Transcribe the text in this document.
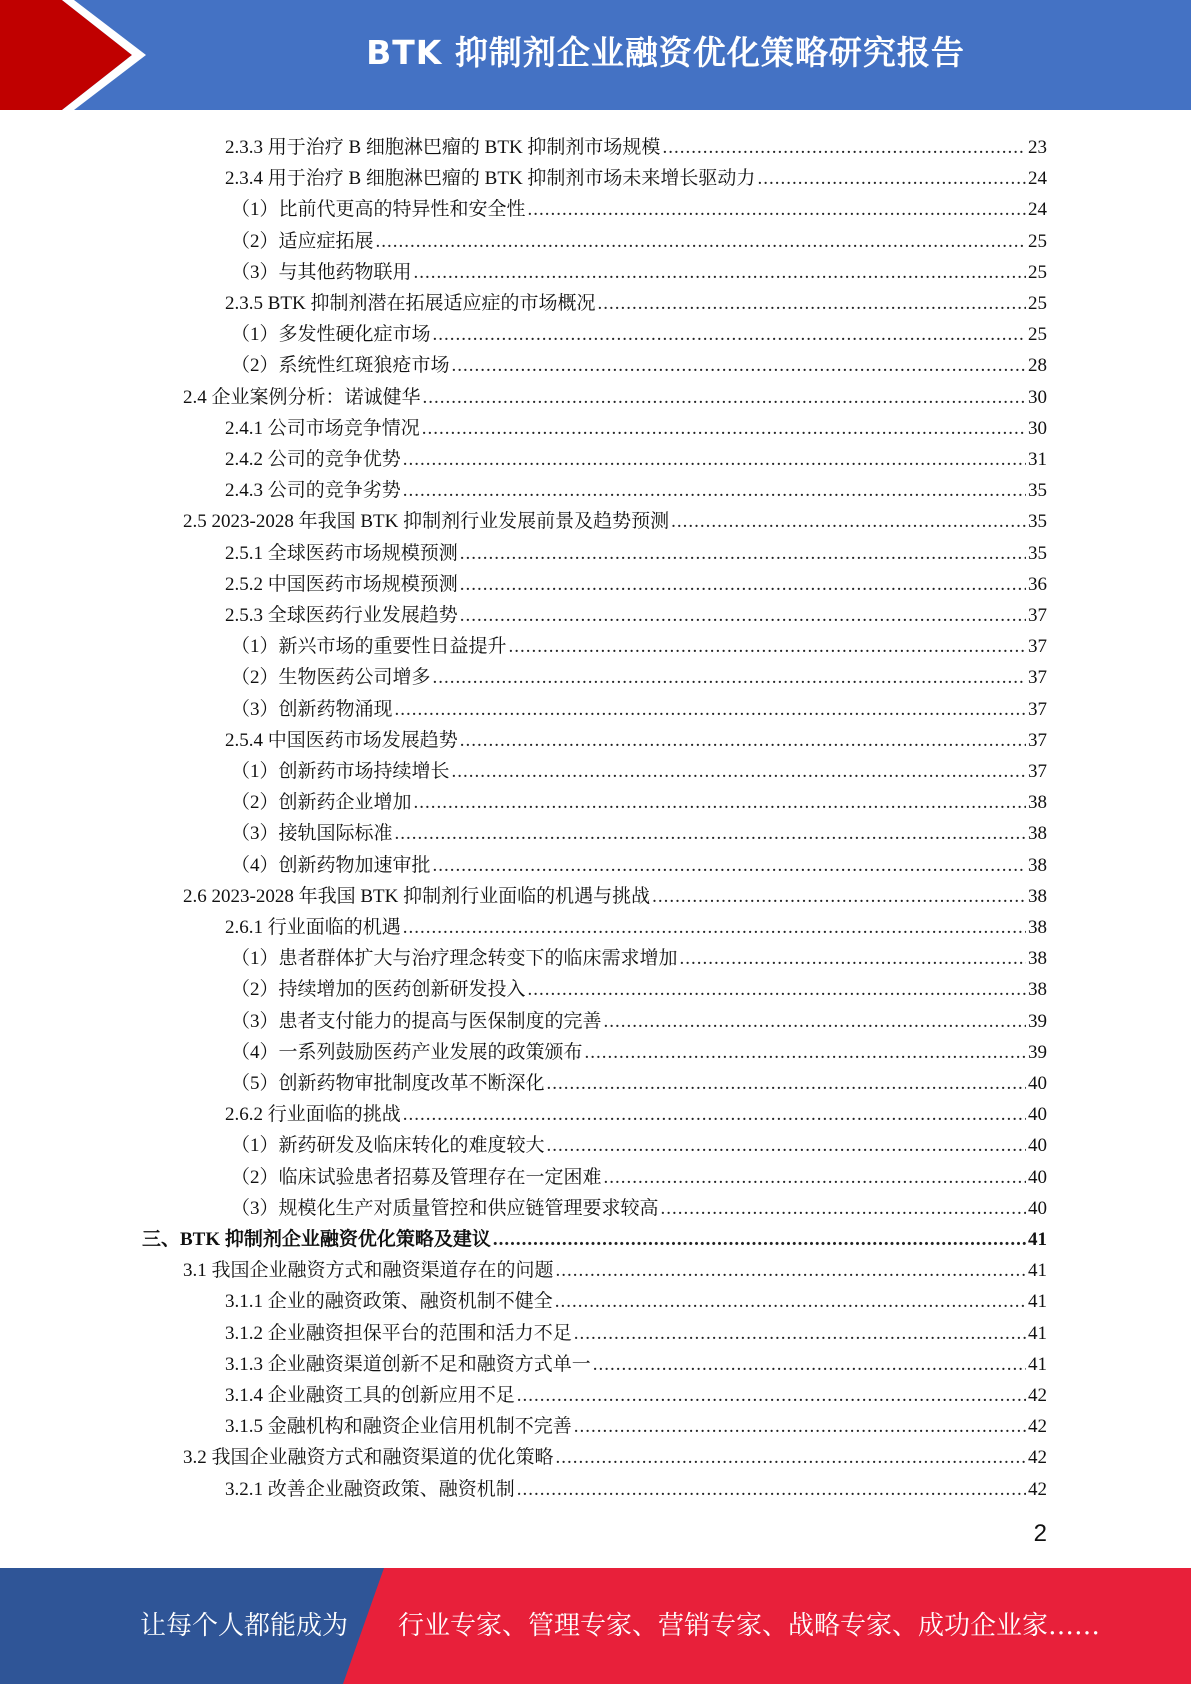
BTK 抑制剂企业融资优化策略研究报告
2.3.3 用于治疗 B 细胞淋巴瘤的 BTK 抑制剂市场规模 .....	23
2.3.4 用于治疗 B 细胞淋巴瘤的 BTK 抑制剂市场未来增长驱动力 .....	24
（1）比前代更高的特异性和安全性 .....	24
（2）适应症拓展 .....	25
（3）与其他药物联用 .....	25
2.3.5 BTK 抑制剂潜在拓展适应症的市场概况 .....	25
（1）多发性硬化症市场 .....	25
（2）系统性红斑狼疮市场 .....	28
2.4 企业案例分析：诺诚健华 .....	30
2.4.1 公司市场竞争情况 .....	30
2.4.2 公司的竞争优势 .....	31
2.4.3 公司的竞争劣势 .....	35
2.5 2023-2028 年我国 BTK 抑制剂行业发展前景及趋势预测 .....	35
2.5.1 全球医药市场规模预测 .....	35
2.5.2 中国医药市场规模预测 .....	36
2.5.3 全球医药行业发展趋势 .....	37
（1）新兴市场的重要性日益提升 .....	37
（2）生物医药公司增多 .....	37
（3）创新药物涌现 .....	37
2.5.4 中国医药市场发展趋势 .....	37
（1）创新药市场持续增长 .....	37
（2）创新药企业增加 .....	38
（3）接轨国际标准 .....	38
（4）创新药物加速审批 .....	38
2.6 2023-2028 年我国 BTK 抑制剂行业面临的机遇与挑战 .....	38
2.6.1 行业面临的机遇 .....	38
（1）患者群体扩大与治疗理念转变下的临床需求增加 .....	38
（2）持续增加的医药创新研发投入 .....	38
（3）患者支付能力的提高与医保制度的完善 .....	39
（4）一系列鼓励医药产业发展的政策颁布 .....	39
（5）创新药物审批制度改革不断深化 .....	40
2.6.2 行业面临的挑战 .....	40
（1）新药研发及临床转化的难度较大 .....	40
（2）临床试验患者招募及管理存在一定困难 .....	40
（3）规模化生产对质量管控和供应链管理要求较高 .....	40
三、BTK 抑制剂企业融资优化策略及建议 .....	41
3.1 我国企业融资方式和融资渠道存在的问题 .....	41
3.1.1 企业的融资政策、融资机制不健全 .....	41
3.1.2 企业融资担保平台的范围和活力不足 .....	41
3.1.3 企业融资渠道创新不足和融资方式单一 .....	41
3.1.4 企业融资工具的创新应用不足 .....	42
3.1.5 金融机构和融资企业信用机制不完善 .....	42
3.2 我国企业融资方式和融资渠道的优化策略 .....	42
3.2.1 改善企业融资政策、融资机制 .....	42
2
让每个人都能成为 行业专家、管理专家、营销专家、战略专家、成功企业家……
